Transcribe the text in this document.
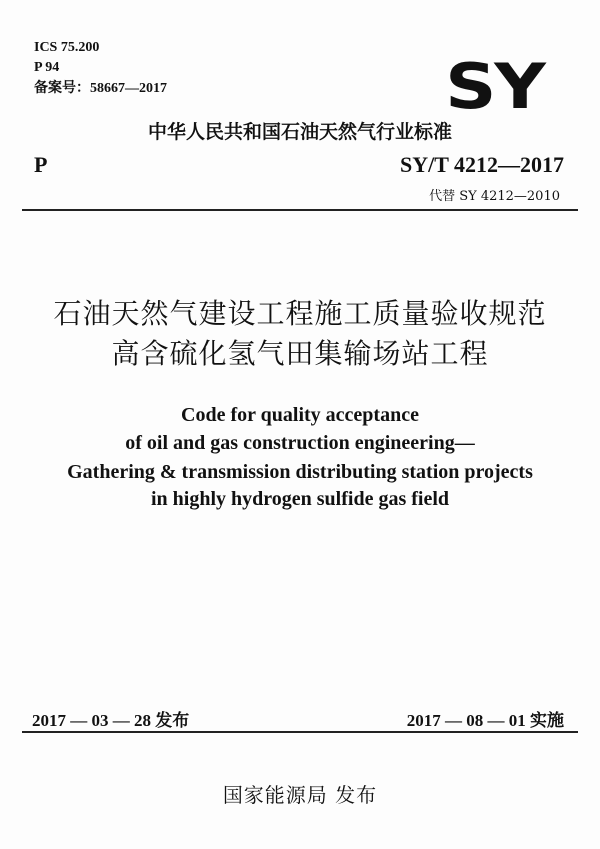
ICS 75.200
P 94
备案号：58667—2017	SY
中华人民共和国石油天然气行业标准
P	SY/T 4212—2017
代替 SY 4212—2010
石油天然气建设工程施工质量验收规范
高含硫化氢气田集输场站工程
Code for quality acceptance
of oil and gas construction engineering—
Gathering & transmission distributing station projects
in highly hydrogen sulfide gas field
2017 — 03 — 28 发布	2017 — 08 — 01 实施
国家能源局 发布
